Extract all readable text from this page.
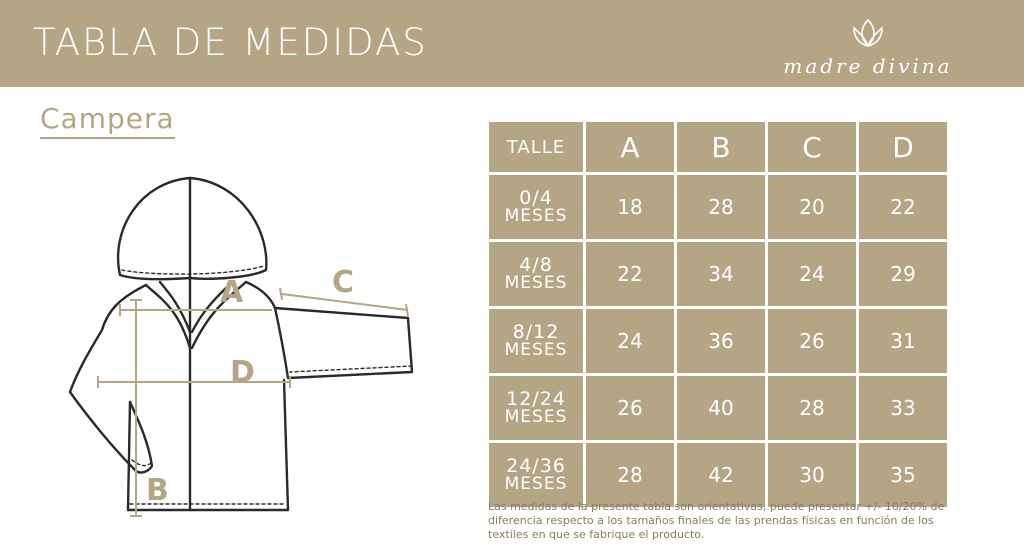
TABLA DE MEDIDAS
madre divina
Campera
A
B
C
D
TALLE	A	B	C	D

0/4
MESES	18	28	20	22

4/8
MESES	22	34	24	29

8/12
MESES	24	36	26	31

12/24
MESES	26	40	28	33

24/36
MESES	28	42	30	35
Las medidas de la presente tabla son orientativas, puede presentar +/- 10/20% de diferencia respecto a los tamaños finales de las prendas físicas en función de los textiles en que se fabrique el producto.
